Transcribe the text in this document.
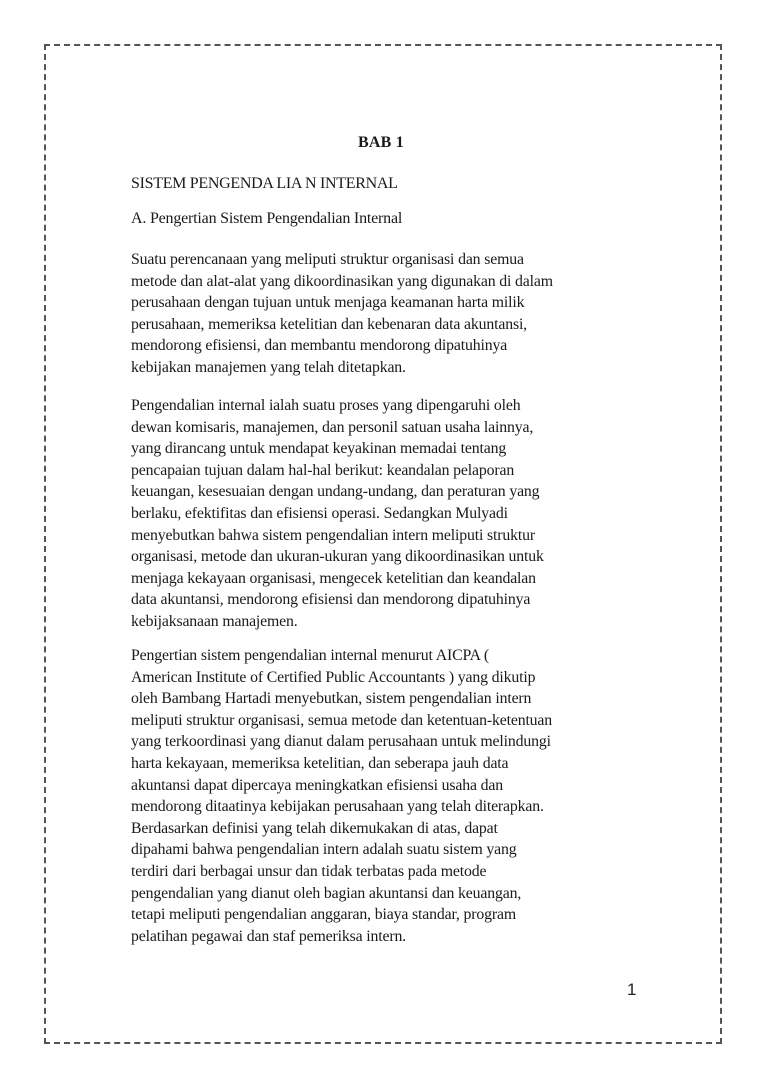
BAB 1
SISTEM PENGENDA LIA N INTERNAL
A. Pengertian Sistem Pengendalian Internal

Suatu perencanaan yang meliputi struktur organisasi dan semua
metode dan alat-alat yang dikoordinasikan yang digunakan di dalam
perusahaan dengan tujuan untuk menjaga keamanan harta milik
perusahaan, memeriksa ketelitian dan kebenaran data akuntansi,
mendorong efisiensi, dan membantu mendorong dipatuhinya
kebijakan manajemen yang telah ditetapkan.

Pengendalian internal ialah suatu proses yang dipengaruhi oleh
dewan komisaris, manajemen, dan personil satuan usaha lainnya,
yang dirancang untuk mendapat keyakinan memadai tentang
pencapaian tujuan dalam hal-hal berikut: keandalan pelaporan
keuangan, kesesuaian dengan undang-undang, dan peraturan yang
berlaku, efektifitas dan efisiensi operasi. Sedangkan Mulyadi
menyebutkan bahwa sistem pengendalian intern meliputi struktur
organisasi, metode dan ukuran-ukuran yang dikoordinasikan untuk
menjaga kekayaan organisasi, mengecek ketelitian dan keandalan
data akuntansi, mendorong efisiensi dan mendorong dipatuhinya
kebijaksanaan manajemen.

Pengertian sistem pengendalian internal menurut AICPA (
American Institute of Certified Public Accountants ) yang dikutip
oleh Bambang Hartadi menyebutkan, sistem pengendalian intern
meliputi struktur organisasi, semua metode dan ketentuan-ketentuan
yang terkoordinasi yang dianut dalam perusahaan untuk melindungi
harta kekayaan, memeriksa ketelitian, dan seberapa jauh data
akuntansi dapat dipercaya meningkatkan efisiensi usaha dan
mendorong ditaatinya kebijakan perusahaan yang telah diterapkan.
Berdasarkan definisi yang telah dikemukakan di atas, dapat
dipahami bahwa pengendalian intern adalah suatu sistem yang
terdiri dari berbagai unsur dan tidak terbatas pada metode
pengendalian yang dianut oleh bagian akuntansi dan keuangan,
tetapi meliputi pengendalian anggaran, biaya standar, program
pelatihan pegawai dan staf pemeriksa intern.

1
